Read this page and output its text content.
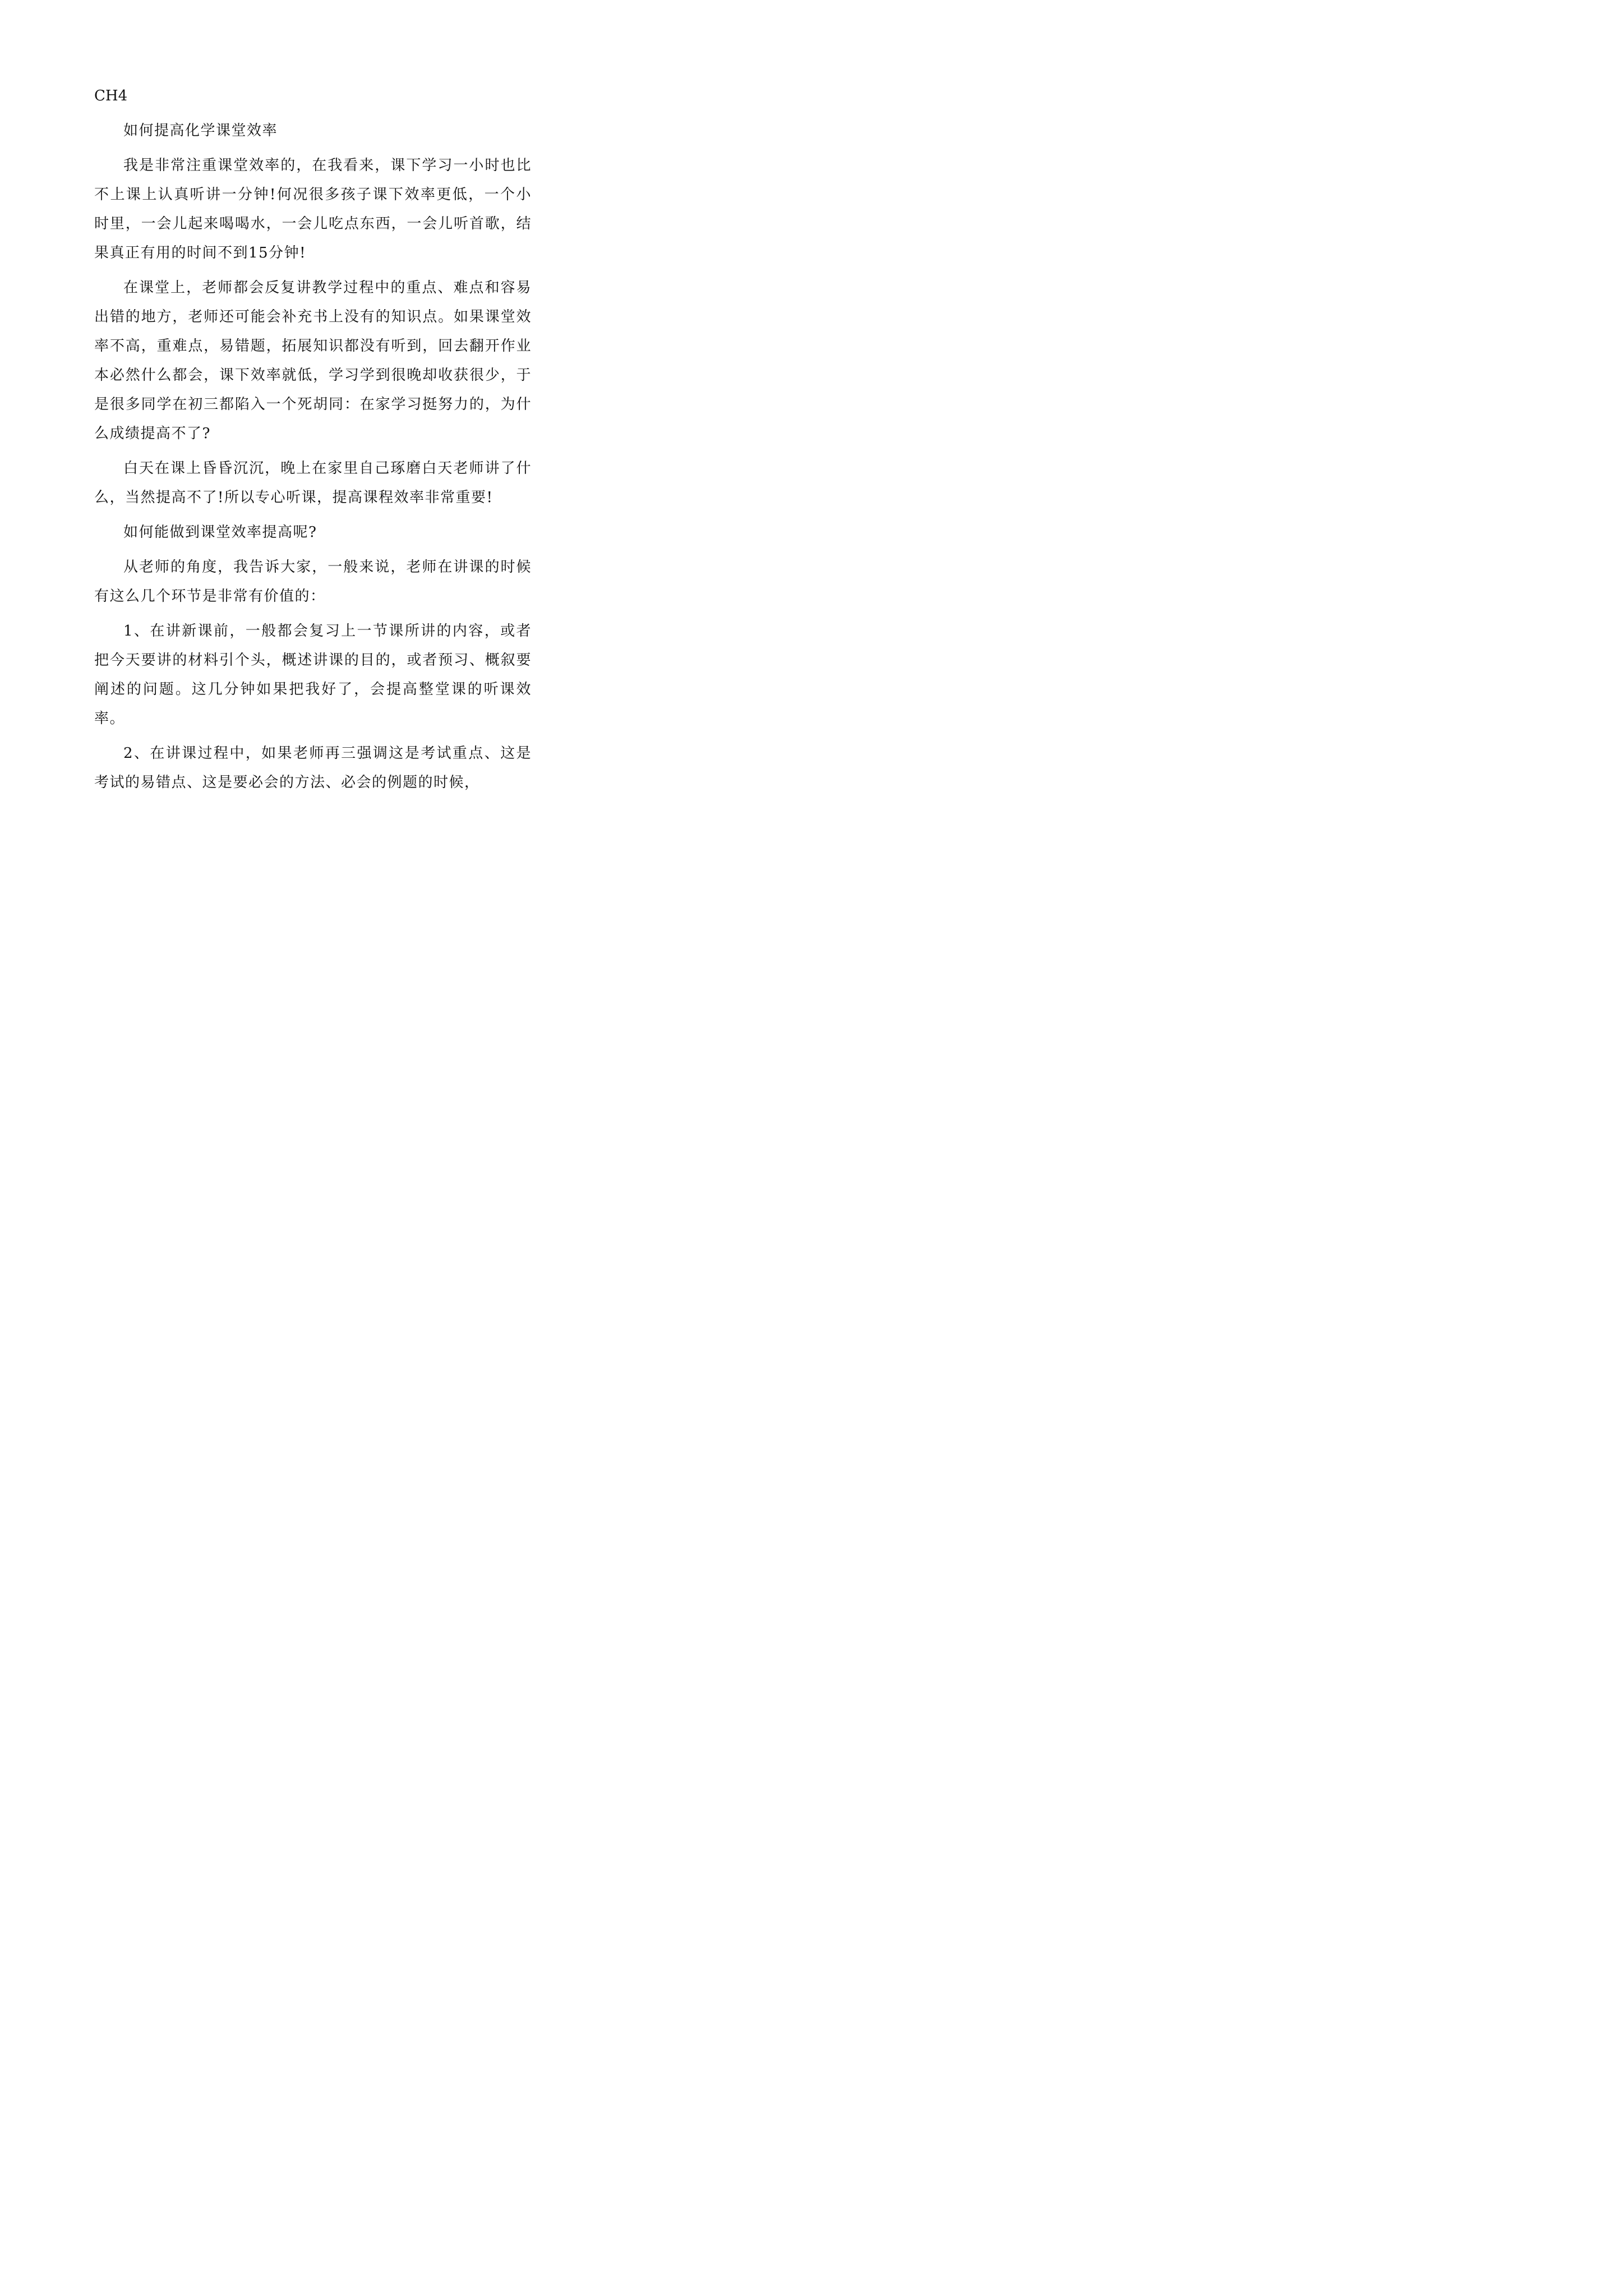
CH4

如何提高化学课堂效率

我是非常注重课堂效率的，在我看来，课下学习一小时也比不上课上认真听讲一分钟!何况很多孩子课下效率更低，一个小时里，一会儿起来喝喝水，一会儿吃点东西，一会儿听首歌，结果真正有用的时间不到15分钟!

在课堂上，老师都会反复讲教学过程中的重点、难点和容易出错的地方，老师还可能会补充书上没有的知识点。如果课堂效率不高，重难点，易错题，拓展知识都没有听到，回去翻开作业本必然什么都会，课下效率就低，学习学到很晚却收获很少，于是很多同学在初三都陷入一个死胡同：在家学习挺努力的，为什么成绩提高不了?

白天在课上昏昏沉沉，晚上在家里自己琢磨白天老师讲了什么，当然提高不了!所以专心听课，提高课程效率非常重要!

如何能做到课堂效率提高呢?

从老师的角度，我告诉大家，一般来说，老师在讲课的时候有这么几个环节是非常有价值的：

1、在讲新课前，一般都会复习上一节课所讲的内容，或者把今天要讲的材料引个头，概述讲课的目的，或者预习、概叙要阐述的问题。这几分钟如果把我好了，会提高整堂课的听课效率。

2、在讲课过程中，如果老师再三强调这是考试重点、这是考试的易错点、这是要必会的方法、必会的例题的时候，
